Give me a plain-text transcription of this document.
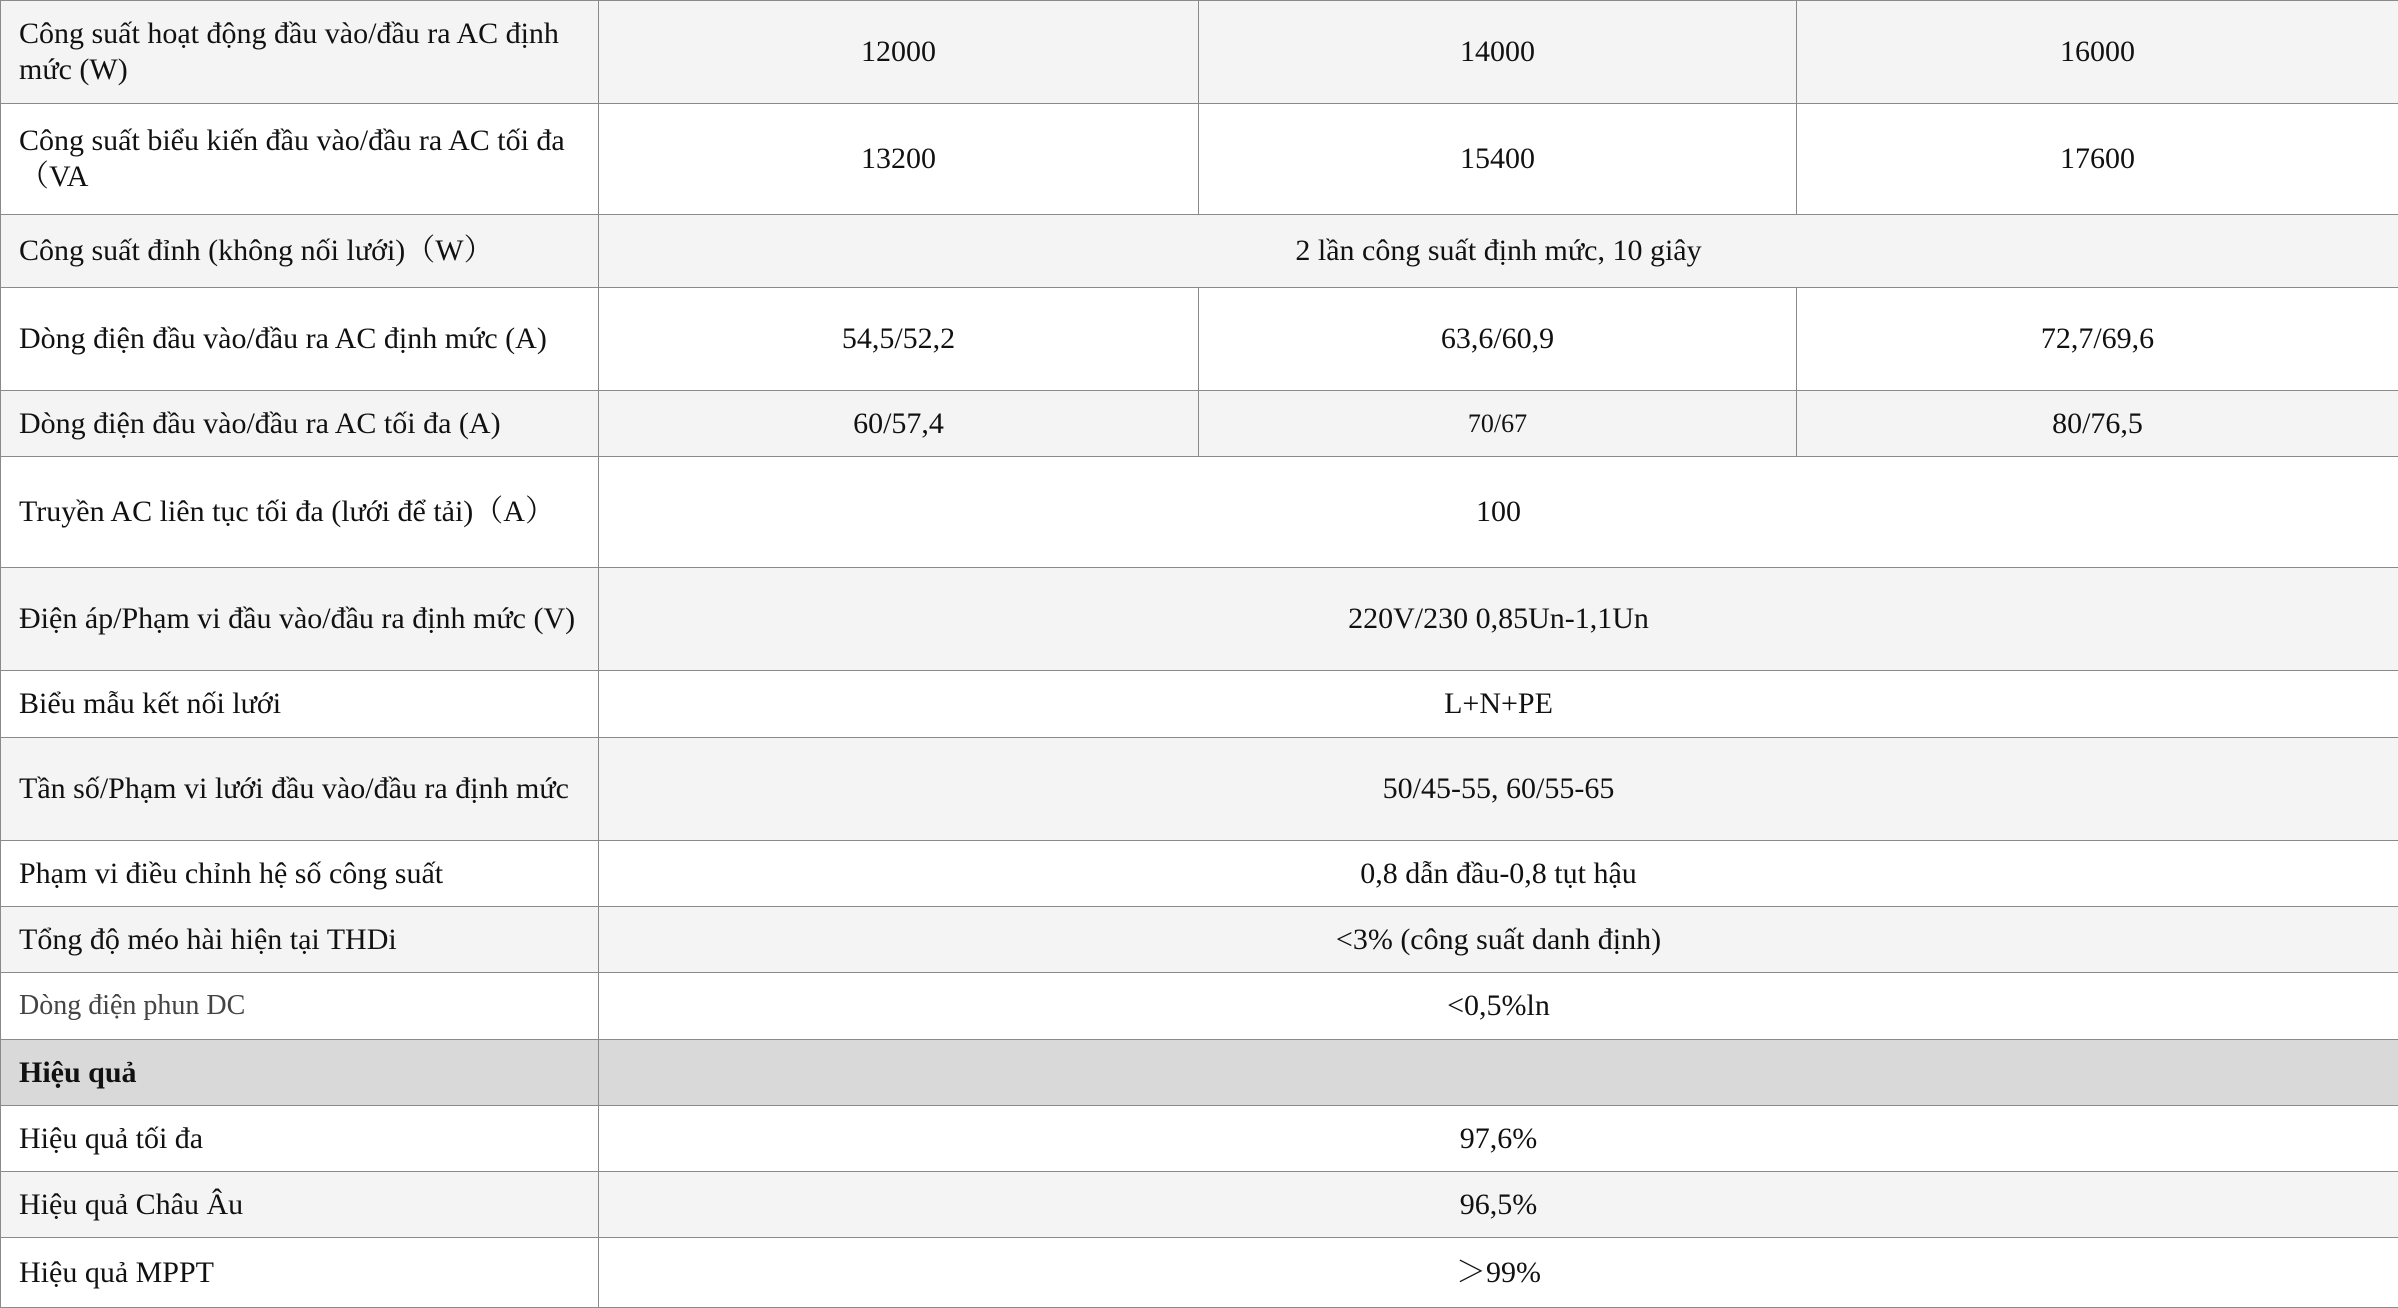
Công suất hoạt động đầu vào/đầu ra AC định mức (W)	12000	14000	16000
Công suất biểu kiến đầu vào/đầu ra AC tối đa （VA	13200	15400	17600
Công suất đỉnh (không nối lưới)（W）	2 lần công suất định mức, 10 giây		
Dòng điện đầu vào/đầu ra AC định mức (A)	54,5/52,2	63,6/60,9	72,7/69,6
Dòng điện đầu vào/đầu ra AC tối đa (A)	60/57,4	70/67	80/76,5
Truyền AC liên tục tối đa (lưới để tải)（A）	100		
Điện áp/Phạm vi đầu vào/đầu ra định mức (V)	220V/230 0,85Un-1,1Un		
Biểu mẫu kết nối lưới	L+N+PE		
Tần số/Phạm vi lưới đầu vào/đầu ra định mức	50/45-55, 60/55-65		
Phạm vi điều chỉnh hệ số công suất	0,8 dẫn đầu-0,8 tụt hậu		
Tổng độ méo hài hiện tại THDi	<3% (công suất danh định)		
Dòng điện phun DC	<0,5%ln		
Hiệu quả			
Hiệu quả tối đa	97,6%		
Hiệu quả Châu Âu	96,5%		
Hiệu quả MPPT	＞99%		
